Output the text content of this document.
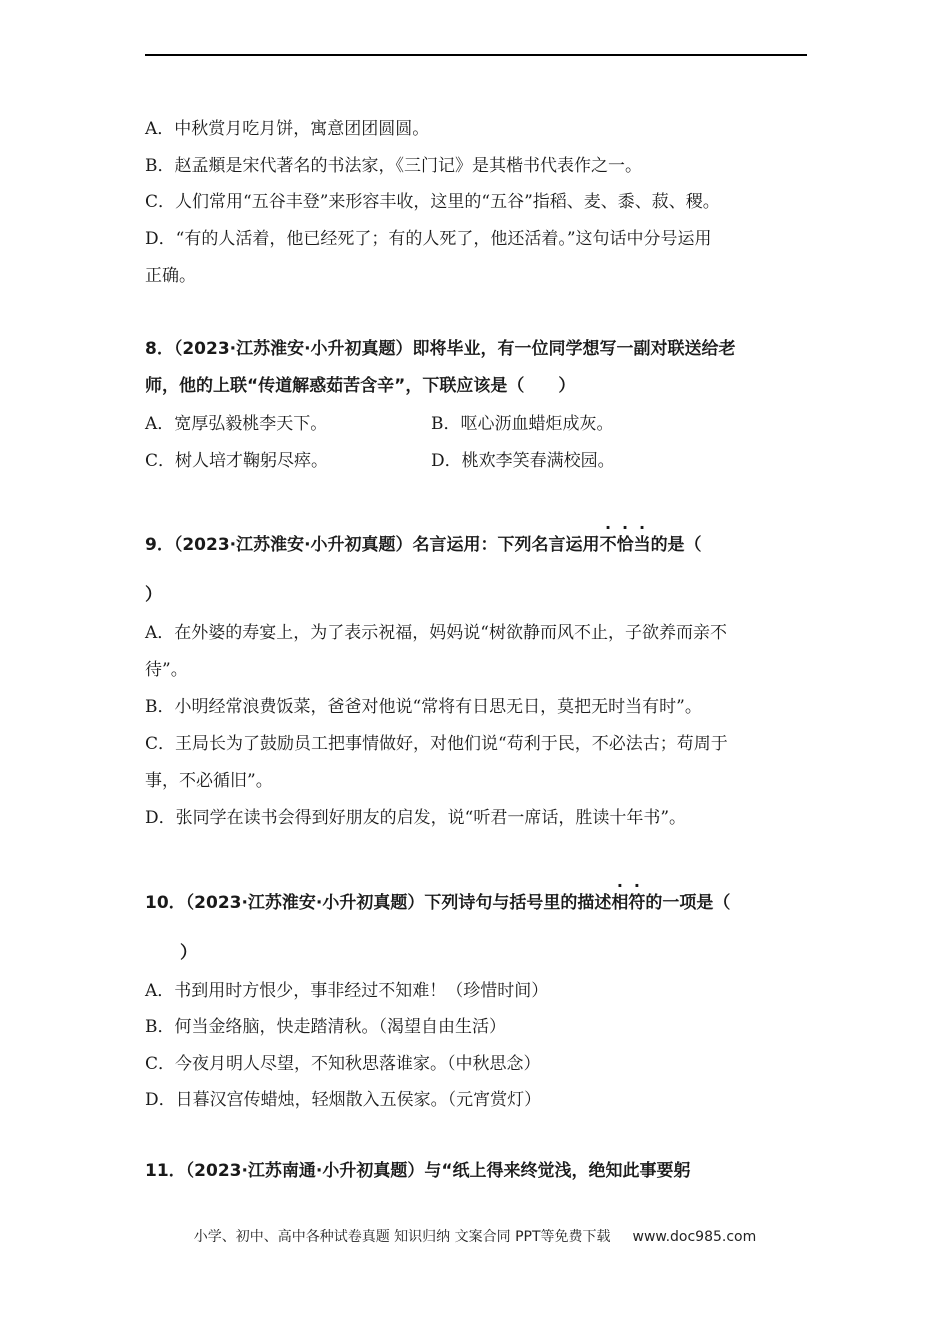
A．中秋赏月吃月饼，寓意团团圆圆。
B．赵孟頫是宋代著名的书法家，《三门记》是其楷书代表作之一。
C．人们常用“五谷丰登”来形容丰收，这里的“五谷”指稻、麦、黍、菽、稷。
D．“有的人活着，他已经死了；有的人死了，他还活着。”这句话中分号运用
正确。
8．（2023·江苏淮安·小升初真题）即将毕业，有一位同学想写一副对联送给老
师，他的上联“传道解惑茹苦含辛”，下联应该是（　　）
A．宽厚弘毅桃李天下。	B．呕心沥血蜡炬成灰。
C．树人培才鞠躬尽瘁。	D．桃欢李笑春满校园。
9．（2023·江苏淮安·小升初真题）名言运用：下列名言运用不恰当的是（
）
A．在外婆的寿宴上，为了表示祝福，妈妈说“树欲静而风不止，子欲养而亲不
待”。
B．小明经常浪费饭菜，爸爸对他说“常将有日思无日，莫把无时当有时”。
C．王局长为了鼓励员工把事情做好，对他们说“苟利于民，不必法古；苟周于
事，不必循旧”。
D．张同学在读书会得到好朋友的启发，说“听君一席话，胜读十年书”。
10．（2023·江苏淮安·小升初真题）下列诗句与括号里的描述相符的一项是（
）
A．书到用时方恨少，事非经过不知难！（珍惜时间）
B．何当金络脑，快走踏清秋。（渴望自由生活）
C．今夜月明人尽望，不知秋思落谁家。（中秋思念）
D．日暮汉宫传蜡烛，轻烟散入五侯家。（元宵赏灯）
11．（2023·江苏南通·小升初真题）与“纸上得来终觉浅，绝知此事要躬
小学、初中、高中各种试卷真题 知识归纳 文案合同 PPT等免费下载 www.doc985.com
